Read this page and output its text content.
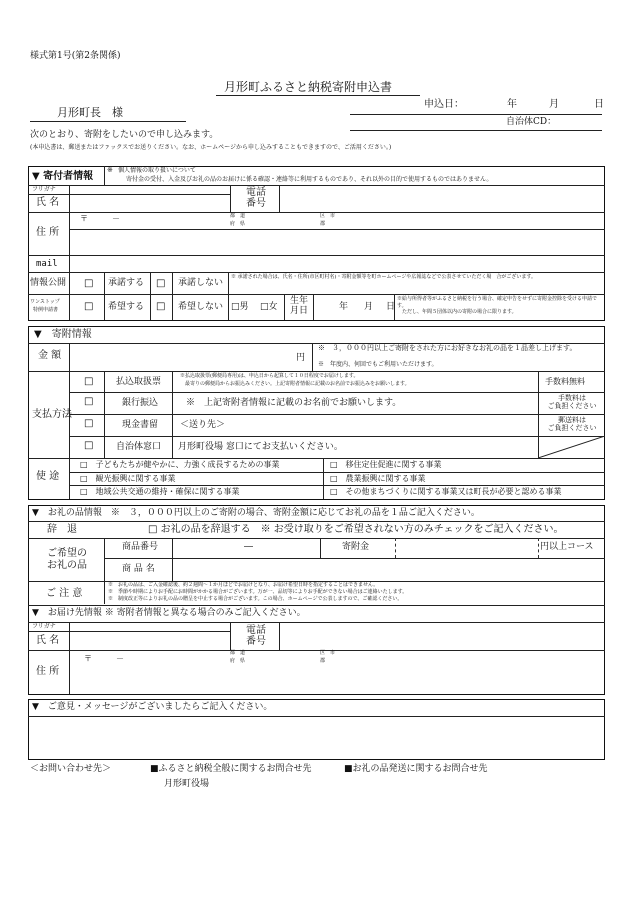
様式第1号(第2条関係)
月形町ふるさと納税寄附申込書
申込日：	年	月	日
月形町長　様
自治体CD：
次のとおり、寄附をしたいので申し込みます。
(本申込書は、郵送またはファックスでお送りください。なお、ホームページから申し込みすることもできますので、ご活用ください。)
▼ 寄付者情報
※ 個人情報の取り扱いについて
寄付金の受付、入金及びお礼の品のお届けに係る確認・連絡等に利用するものであり、それ以外の目的で使用するものではありません。
フリガナ
氏 名
電話
番号
〒　　　－	都　道
府　県
区　市
郡
住 所
mail
情報公開 □ 承諾する □ 承諾しない
※ 承諾された場合は、氏名・住所(市区町村名)・寄附金額等を町ホームページや広報誌などで公表させていただく場　合がございます。
ワンストップ
特例申請書	□ 希望する □ 希望しない □男 □女
生年
月日	年 月 日
※給与所得者等がふるさと納税を行う場合、確定申告をせずに寄附金控除を受ける申請です。
　ただし、年間５団体以内の寄附の場合に限ります。
▼　寄附情報
金 額	円
※　３，０００円以上ご寄附をされた方にお好きなお礼の品を１品差し上げます。
※　年度内、何回でもご利用いただけます。
支払方法
□	払込取扱票
※払込取扱票(郵便局専用)は、申込日から起算して１０日程度でお届けします。
　最寄りの郵便局からお振込みください。上記寄附者情報に記載のお名前でお振込みをお願いします。	手数料無料
□	銀行振込	※　上記寄附者情報に記載のお名前でお願いします。	手数料は
ご負担ください
□	現金書留 ＜送り先＞	郵送料は
ご負担ください
□	自治体窓口 月形町役場 窓口にてお支払いください。
使 途
□　子どもたちが健やかに、力強く成長するための事業	□　移住定住促進に関する事業
□　観光振興に関する事業	□　農業振興に関する事業
□　地域公共交通の維持・確保に関する事業	□　その他まちづくりに関する事業又は町長が必要と認める事業
▼　お礼の品情報　※　３，０００円以上のご寄附の場合、寄附金額に応じてお礼の品を１品ご記入ください。
辞　退	□ お礼の品を辞退する　※ お受け取りをご希望されない方のみチェックをご記入ください。
ご希望の
お礼の品
商品番号	―	寄附金	円以上コース
商 品 名
ご 注 意
※　お礼の品は、ご入金確認後、約２週間～１か月ほどでお届けとなり、お届け希望日時を指定することはできません。
※　季節や時期によりお手配にお時間がかかる場合がございます。万が一、品切等によりお手配ができない場合はご連絡いたします。
※　制度改正等によりお礼の品の贈呈を中止する場合がございます。この場合、ホームページで公表しますので、ご確認ください。
▼　お届け先情報 ※ 寄附者情報と異なる場合のみご記入ください。
フリガナ
氏 名
電話
番号
〒　　　－
都　道
府　県
区　市
郡
住 所
▼　ご意見・メッセージがございましたらご記入ください。
＜お問い合わせ先＞	■ふるさと納税全般に関するお問合せ先	■お礼の品発送に関するお問合せ先
月形町役場
